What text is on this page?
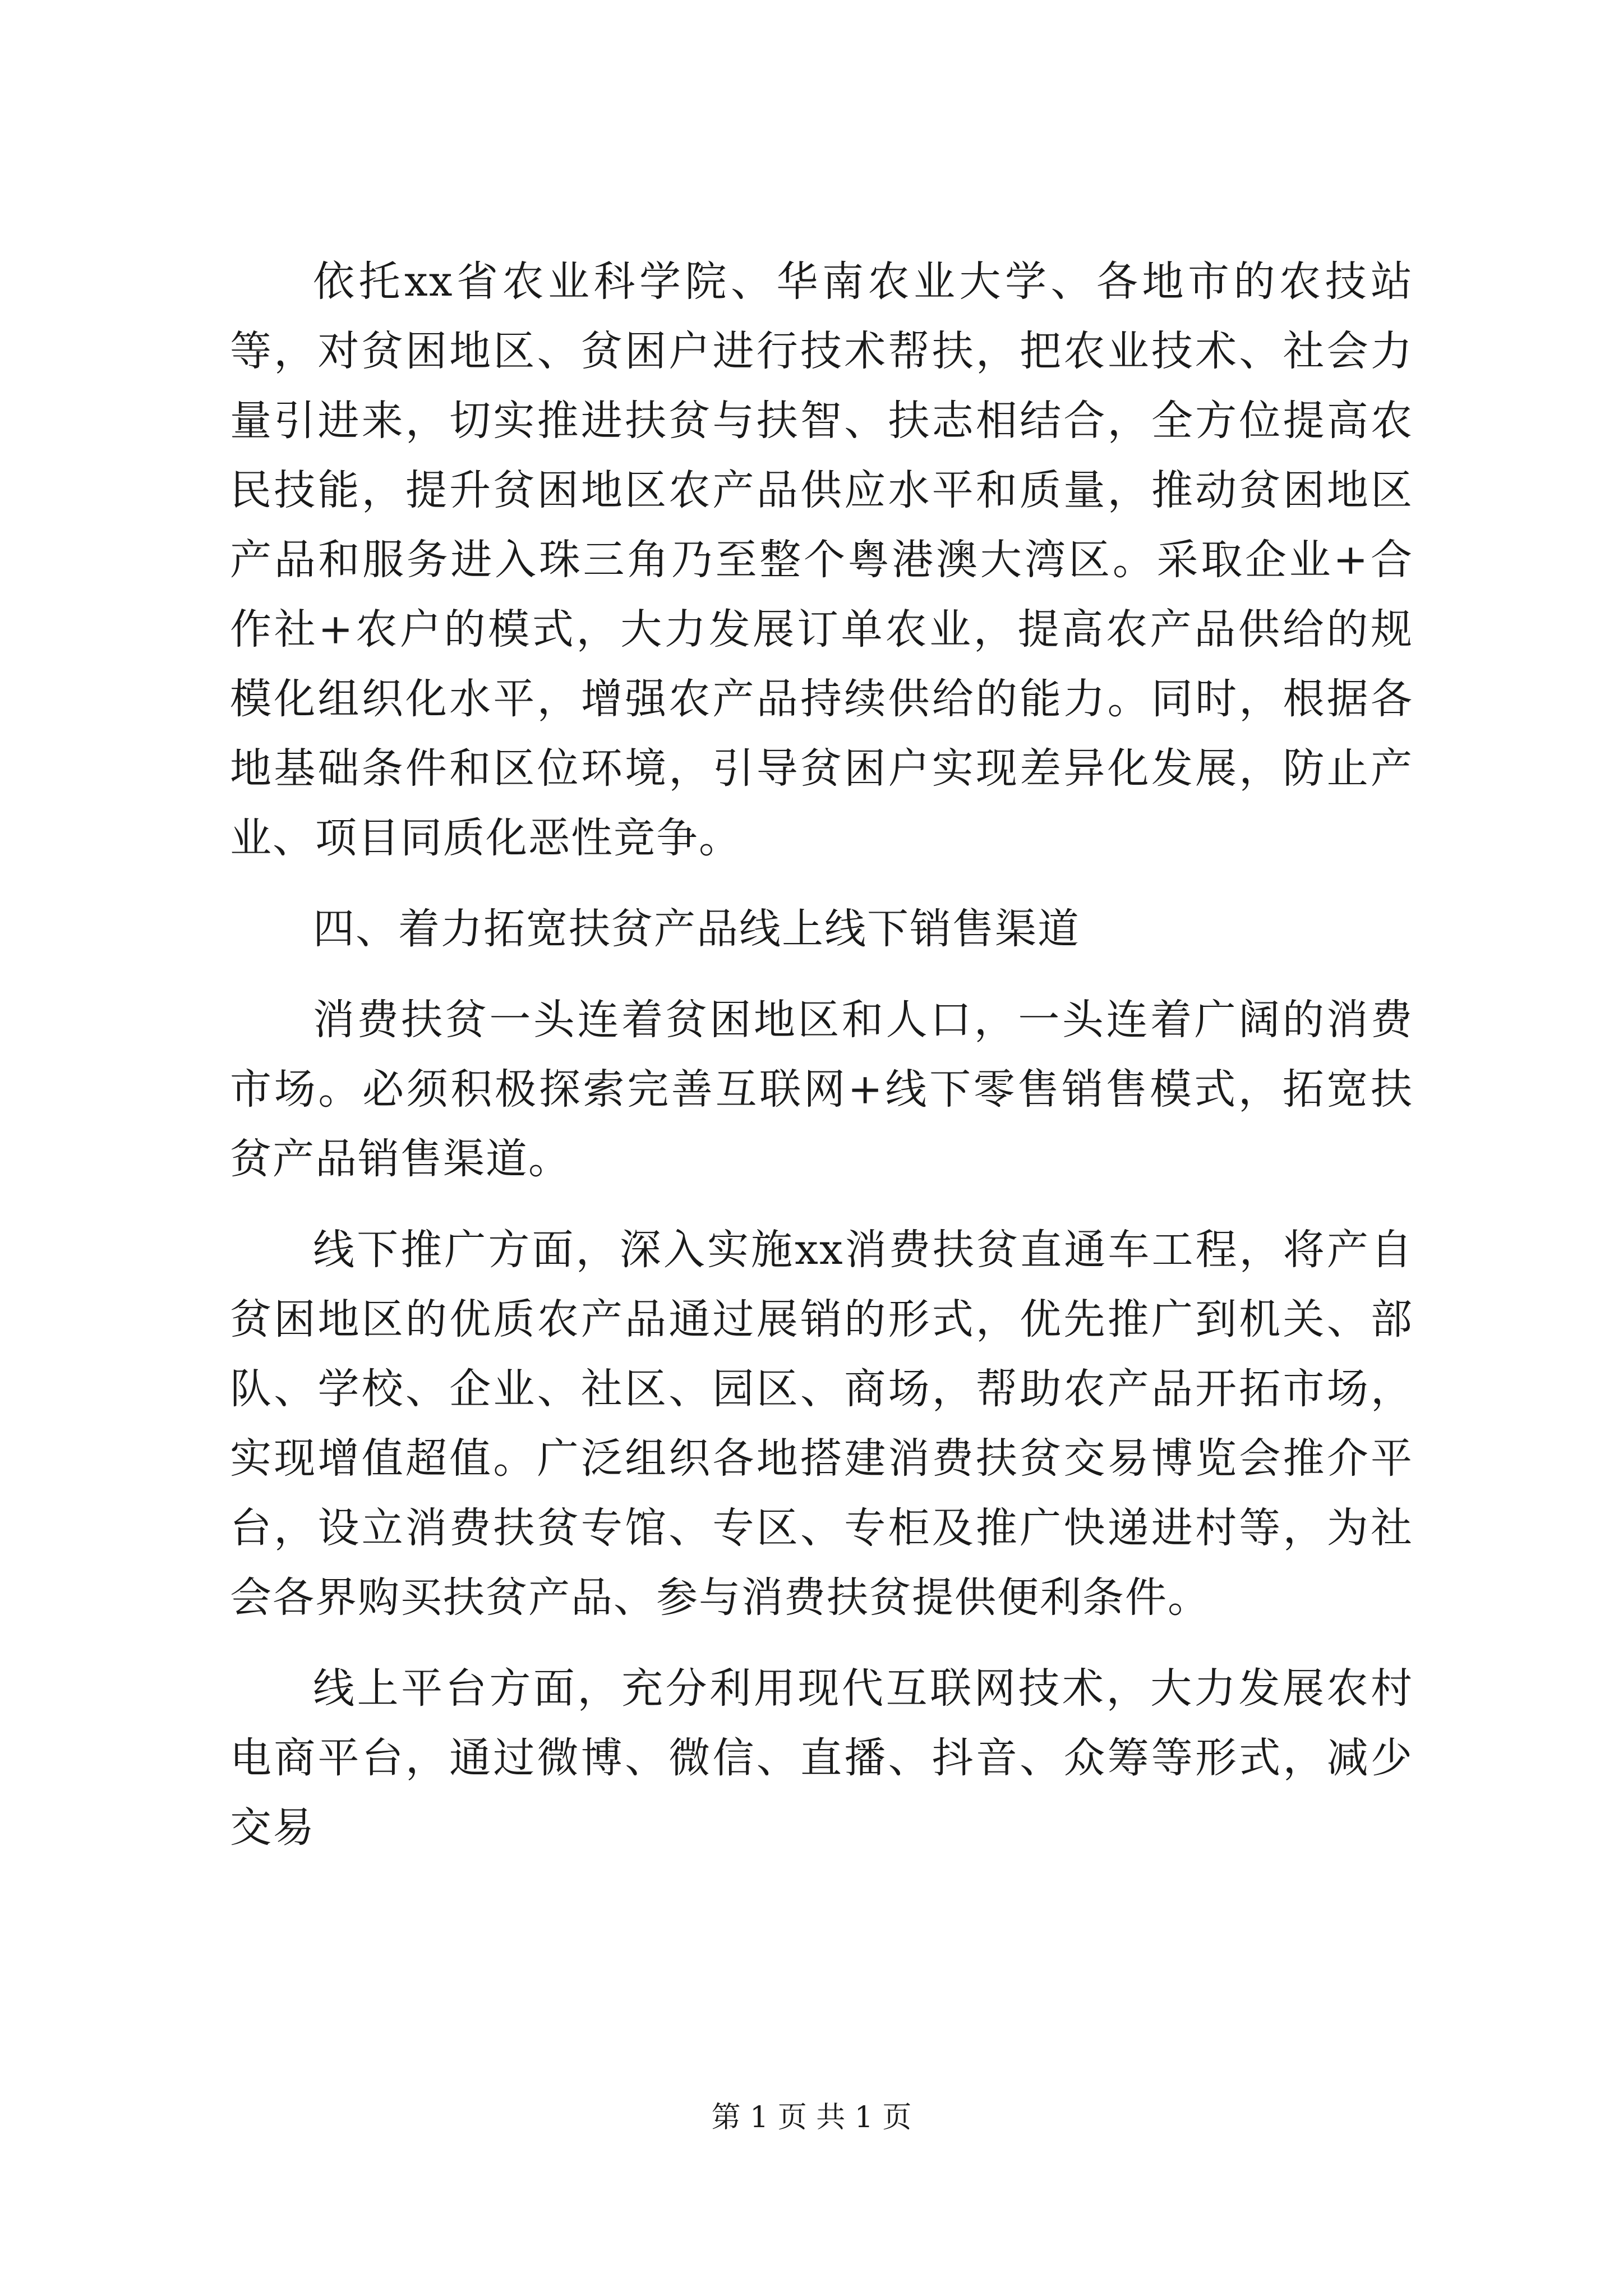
依托xx省农业科学院、华南农业大学、各地市的农技站等，对贫困地区、贫困户进行技术帮扶，把农业技术、社会力量引进来，切实推进扶贫与扶智、扶志相结合，全方位提高农民技能，提升贫困地区农产品供应水平和质量，推动贫困地区产品和服务进入珠三角乃至整个粤港澳大湾区。采取企业+合作社+农户的模式，大力发展订单农业，提高农产品供给的规模化组织化水平，增强农产品持续供给的能力。同时，根据各地基础条件和区位环境，引导贫困户实现差异化发展，防止产业、项目同质化恶性竞争。

四、着力拓宽扶贫产品线上线下销售渠道

消费扶贫一头连着贫困地区和人口，一头连着广阔的消费市场。必须积极探索完善互联网+线下零售销售模式，拓宽扶贫产品销售渠道。

线下推广方面，深入实施xx消费扶贫直通车工程，将产自贫困地区的优质农产品通过展销的形式，优先推广到机关、部队、学校、企业、社区、园区、商场，帮助农产品开拓市场，实现增值超值。广泛组织各地搭建消费扶贫交易博览会推介平台，设立消费扶贫专馆、专区、专柜及推广快递进村等，为社会各界购买扶贫产品、参与消费扶贫提供便利条件。

线上平台方面，充分利用现代互联网技术，大力发展农村电商平台，通过微博、微信、直播、抖音、众筹等形式，减少交易

第 1 页 共 1 页
